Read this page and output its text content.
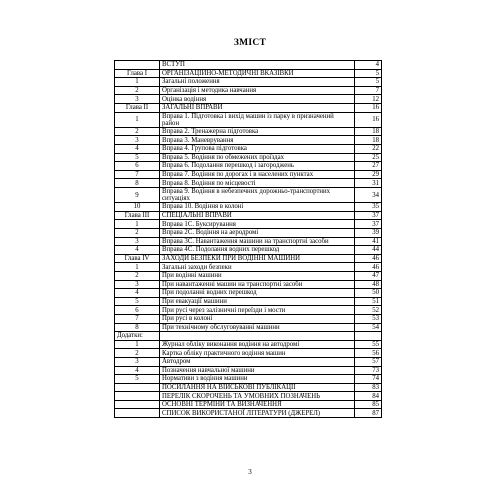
ЗМІСТ
	ВСТУП	4
Глава І	ОРГАНІЗАЦІЙНО-МЕТОДИЧНІ ВКАЗІВКИ	5
1	Загальні положення	5
2	Організація і методика навчання	7
3	Оцінка водіння	12
Глава ІІ	ЗАГАЛЬНІ ВПРАВИ	16
1	Вправа 1. Підготовка і вихід машин із парку в призначений район	16
2	Вправа 2. Тренажерна підготовка	18
3	Вправа 3. Маневрування	18
4	Вправа 4. Групова підготовка	22
5	Вправа 5. Водіння по обмежених проїздах	25
6	Вправа 6. Подолання перешкод і загороджень	27
7	Вправа 7. Водіння по дорогах і в населених пунктах	29
8	Вправа 8. Водіння по місцевості	31
9	Вправа 9. Водіння в небезпечних дорожньо-транспортних ситуаціях	34
10	Вправа 10. Водіння в колоні	35
Глава ІІІ	СПЕЦІАЛЬНІ ВПРАВИ	37
1	Вправа 1С. Буксирування	37
2	Вправа 2С. Водіння на аеродромі	39
3	Вправа 3С. Навантаження машини на транспортні засоби	41
4	Вправа 4С. Подолання водних перешкод	44
Глава IV	ЗАХОДИ БЕЗПЕКИ ПРИ ВОДІННІ МАШИНИ	46
1	Загальні заходи безпеки	46
2	При водінні машини	47
3	При навантаженні машин на транспортні засоби	48
4	При подоланні водних перешкод	50
5	При евакуації машини	51
6	При русі через залізничні переїзди і мости	52
7	При русі в колоні	53
8	При технічному обслуговуванні машини	54
Додатки:		
1	Журнал обліку виконання водіння на автодромі	55
2	Картка обліку практичного водіння машин	56
3	Автодром	57
4	Позначення навчальної машини	73
5	Нормативи з водіння машини	74
	ПОСИЛАННЯ НА ВІЙСЬКОВІ ПУБЛІКАЦІЇ	83
	ПЕРЕЛІК СКОРОЧЕНЬ ТА УМОВНИХ ПОЗНАЧЕНЬ	84
	ОСНОВНІ ТЕРМІНИ ТА ВИЗНАЧЕННЯ	85
	СПИСОК ВИКОРИСТАНОЇ ЛІТЕРАТУРИ (ДЖЕРЕЛ)	87
3
